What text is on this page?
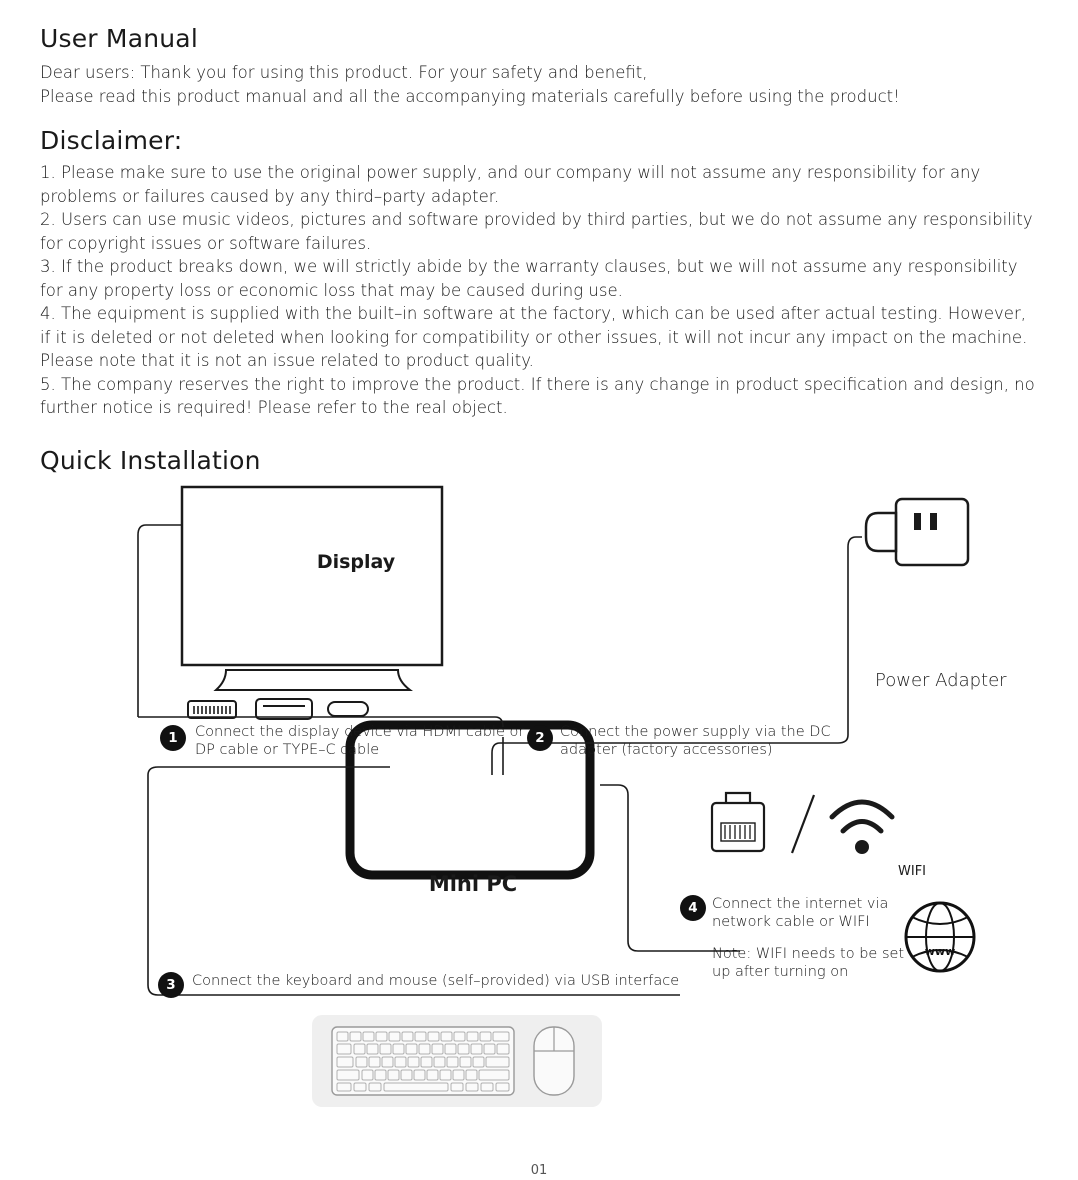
User Manual

Dear users: Thank you for using this product. For your safety and benefit,

Please read this product manual and all the accompanying materials carefully before using the product!

Disclaimer:

1. Please make sure to use the original power supply, and our company will not assume any responsibility for any problems or failures caused by any third–party adapter.

2. Users can use music videos, pictures and software provided by third parties, but we do not assume any responsibility for copyright issues or software failures.

3. If the product breaks down, we will strictly abide by the warranty clauses, but we will not assume any responsibility for any property loss or economic loss that may be caused during use.

4. The equipment is supplied with the built–in software at the factory, which can be used after actual testing. However, if it is deleted or not deleted when looking for compatibility or other issues, it will not incur any impact on the machine. Please note that it is not an issue related to product quality.

5. The company reserves the right to improve the product. If there is any change in product specification and design, no further notice is required! Please refer to the real object.

Quick Installation
www
Display
Mini PC
Power Adapter
WIFI
1	Connect the display device via HDMI cable or DP cable or TYPE–C cable
2	Connect the power supply via the DC adapter (factory accessories)
3	Connect the keyboard and mouse (self–provided) via USB interface
4 Connect the internet via network cable or WIFI
Note: WIFI needs to be set up after turning on
01
